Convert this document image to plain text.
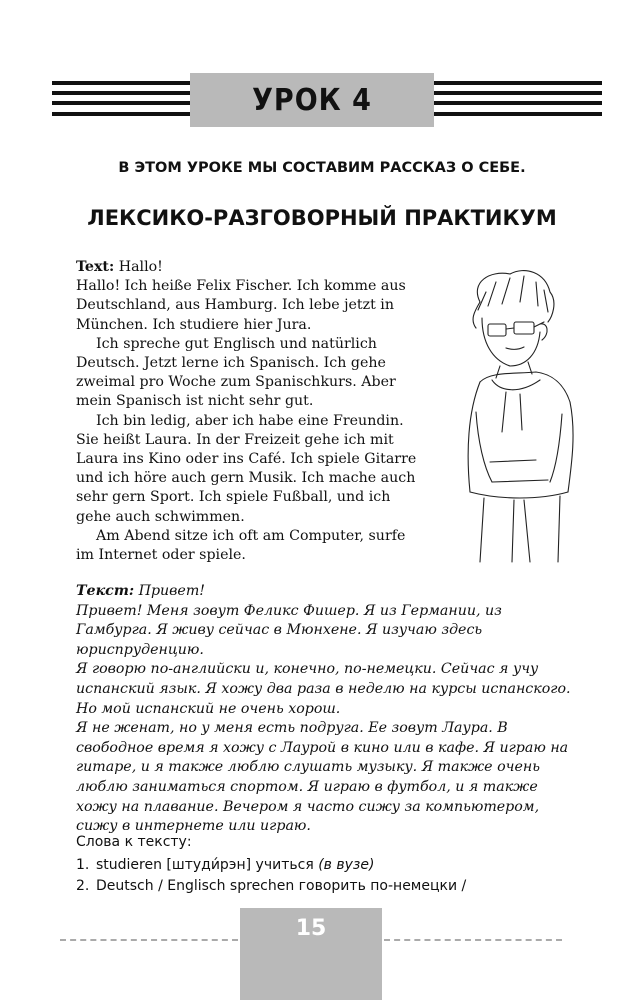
УРОК 4
В ЭТОМ УРОКЕ МЫ СОСТАВИМ РАССКАЗ О СЕБЕ.
ЛЕКСИКО-РАЗГОВОРНЫЙ ПРАКТИКУМ

Text: Hallo!

Hallo! Ich heiße Felix Fischer. Ich komme aus Deutschland, aus Hamburg. Ich lebe jetzt in München. Ich studiere hier Jura.

Ich spreche gut Englisch und natürlich Deutsch. Jetzt lerne ich Spanisch. Ich gehe zweimal pro Woche zum Spanischkurs. Aber mein Spanisch ist nicht sehr gut.

Ich bin ledig, aber ich habe eine Freundin. Sie heißt Laura. In der Freizeit gehe ich mit Laura ins Kino oder ins Café. Ich spiele Gitarre und ich höre auch gern Musik. Ich mache auch sehr gern Sport. Ich spiele Fußball, und ich gehe auch schwimmen.

Am Abend sitze ich oft am Computer, surfe im Internet oder spiele.

Текст: Привет!

Привет! Меня зовут Феликс Фишер. Я из Германии, из Гамбурга. Я живу сейчас в Мюнхене. Я изучаю здесь юриспруденцию.

Я говорю по-английски и, конечно, по-немецки. Сейчас я учу испанский язык. Я хожу два раза в неделю на курсы испанского. Но мой испанский не очень хорош.

Я не женат, но у меня есть подруга. Ее зовут Лаура. В свободное время я хожу с Лаурой в кино или в кафе. Я играю на гитаре, и я также люблю слушать музыку. Я также очень люблю заниматься спортом. Я играю в футбол, и я также хожу на плавание. Вечером я часто сижу за компьютером, сижу в интернете или играю.

Слова к тексту:
1. studieren [штуди́рэн] учиться (в вузе)
2. Deutsch / Englisch sprechen говорить по-немецки /
15
